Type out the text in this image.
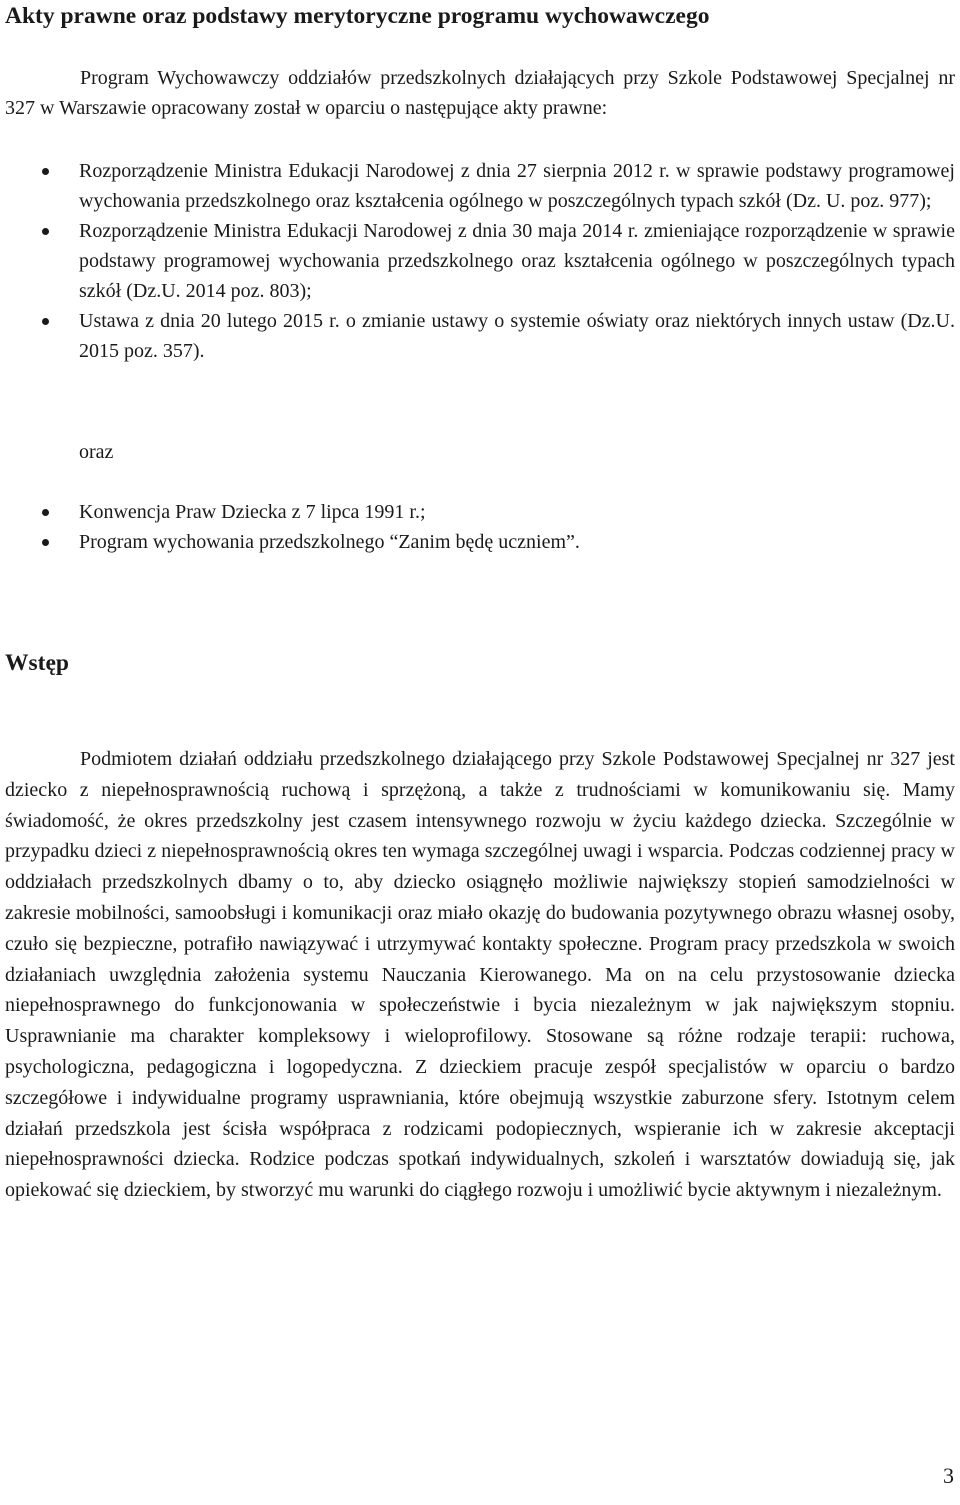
Akty prawne oraz podstawy merytoryczne programu wychowawczego

Program Wychowawczy oddziałów przedszkolnych działających przy Szkole Podstawowej Specjalnej nr 327 w Warszawie opracowany został w oparciu o następujące akty prawne:

Rozporządzenie Ministra Edukacji Narodowej z dnia 27 sierpnia 2012 r. w sprawie podstawy programowej wychowania przedszkolnego oraz kształcenia ogólnego w poszczególnych typach szkół (Dz. U. poz. 977);
Rozporządzenie Ministra Edukacji Narodowej z dnia 30 maja 2014 r. zmieniające rozporządzenie w sprawie podstawy programowej wychowania przedszkolnego oraz kształcenia ogólnego w poszczególnych typach szkół (Dz.U. 2014 poz. 803);
Ustawa z dnia 20 lutego 2015 r. o zmianie ustawy o systemie oświaty oraz niektórych innych ustaw (Dz.U. 2015 poz. 357).

oraz

Konwencja Praw Dziecka z 7 lipca 1991 r.;
Program wychowania przedszkolnego “Zanim będę uczniem”.
Wstęp

Podmiotem działań oddziału przedszkolnego działającego przy Szkole Podstawowej Specjalnej nr 327 jest dziecko z niepełnosprawnością ruchową i sprzężoną, a także z trudnościami w komunikowaniu się. Mamy świadomość, że okres przedszkolny jest czasem intensywnego rozwoju w życiu każdego dziecka. Szczególnie w przypadku dzieci z niepełnosprawnością okres ten wymaga szczególnej uwagi i wsparcia. Podczas codziennej pracy w oddziałach przedszkolnych dbamy o to, aby dziecko osiągnęło możliwie największy stopień samodzielności w zakresie mobilności, samoobsługi i komunikacji oraz miało okazję do budowania pozytywnego obrazu własnej osoby, czuło się bezpieczne, potrafiło nawiązywać i utrzymywać kontakty społeczne. Program pracy przedszkola w swoich działaniach uwzględnia założenia systemu Nauczania Kierowanego. Ma on na celu przystosowanie dziecka niepełnosprawnego do funkcjonowania w społeczeństwie i bycia niezależnym w jak największym stopniu. Usprawnianie ma charakter kompleksowy i wieloprofilowy. Stosowane są różne rodzaje terapii: ruchowa, psychologiczna, pedagogiczna i logopedyczna. Z dzieckiem pracuje zespół specjalistów w oparciu o bardzo szczegółowe i indywidualne programy usprawniania, które obejmują wszystkie zaburzone sfery. Istotnym celem działań przedszkola jest ścisła współpraca z rodzicami podopiecznych, wspieranie ich w zakresie akceptacji niepełnosprawności dziecka. Rodzice podczas spotkań indywidualnych, szkoleń i warsztatów dowiadują się, jak opiekować się dzieckiem, by stworzyć mu warunki do ciągłego rozwoju i umożliwić bycie aktywnym i niezależnym.

3
